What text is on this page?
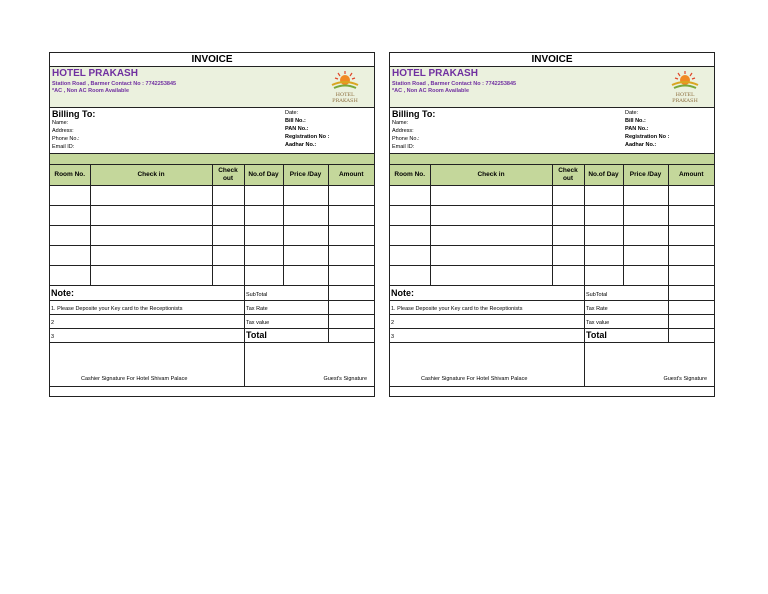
INVOICE
HOTEL PRAKASH
Station Road , Barmer Contact No : 7742253845
*AC , Non AC Room Available
HOTEL
PRAKASH
Billing To:
Name:
Address:
Phone No.:
Email ID:
Date:
Bill No.:
PAN No.:
Registration No :
Aadhar No.:
Room No.	Check in	Check out	No.of Day	Price /Day	Amount

Note:	SubTotal
1. Please Deposite your Key card to the Receptionists	Tax Rate
2	Tax value
3	Total
Cashier Signature For Hotel Shivam Palace	Guest's Signature
INVOICE
HOTEL PRAKASH
Station Road , Barmer Contact No : 7742253845
*AC , Non AC Room Available
HOTEL
PRAKASH
Billing To:
Name:
Address:
Phone No.:
Email ID:
Date:
Bill No.:
PAN No.:
Registration No :
Aadhar No.:
Room No.	Check in	Check out	No.of Day	Price /Day	Amount

Note:	SubTotal
1. Please Deposite your Key card to the Receptionists	Tax Rate
2	Tax value
3	Total
Cashier Signature For Hotel Shivam Palace	Guest's Signature
